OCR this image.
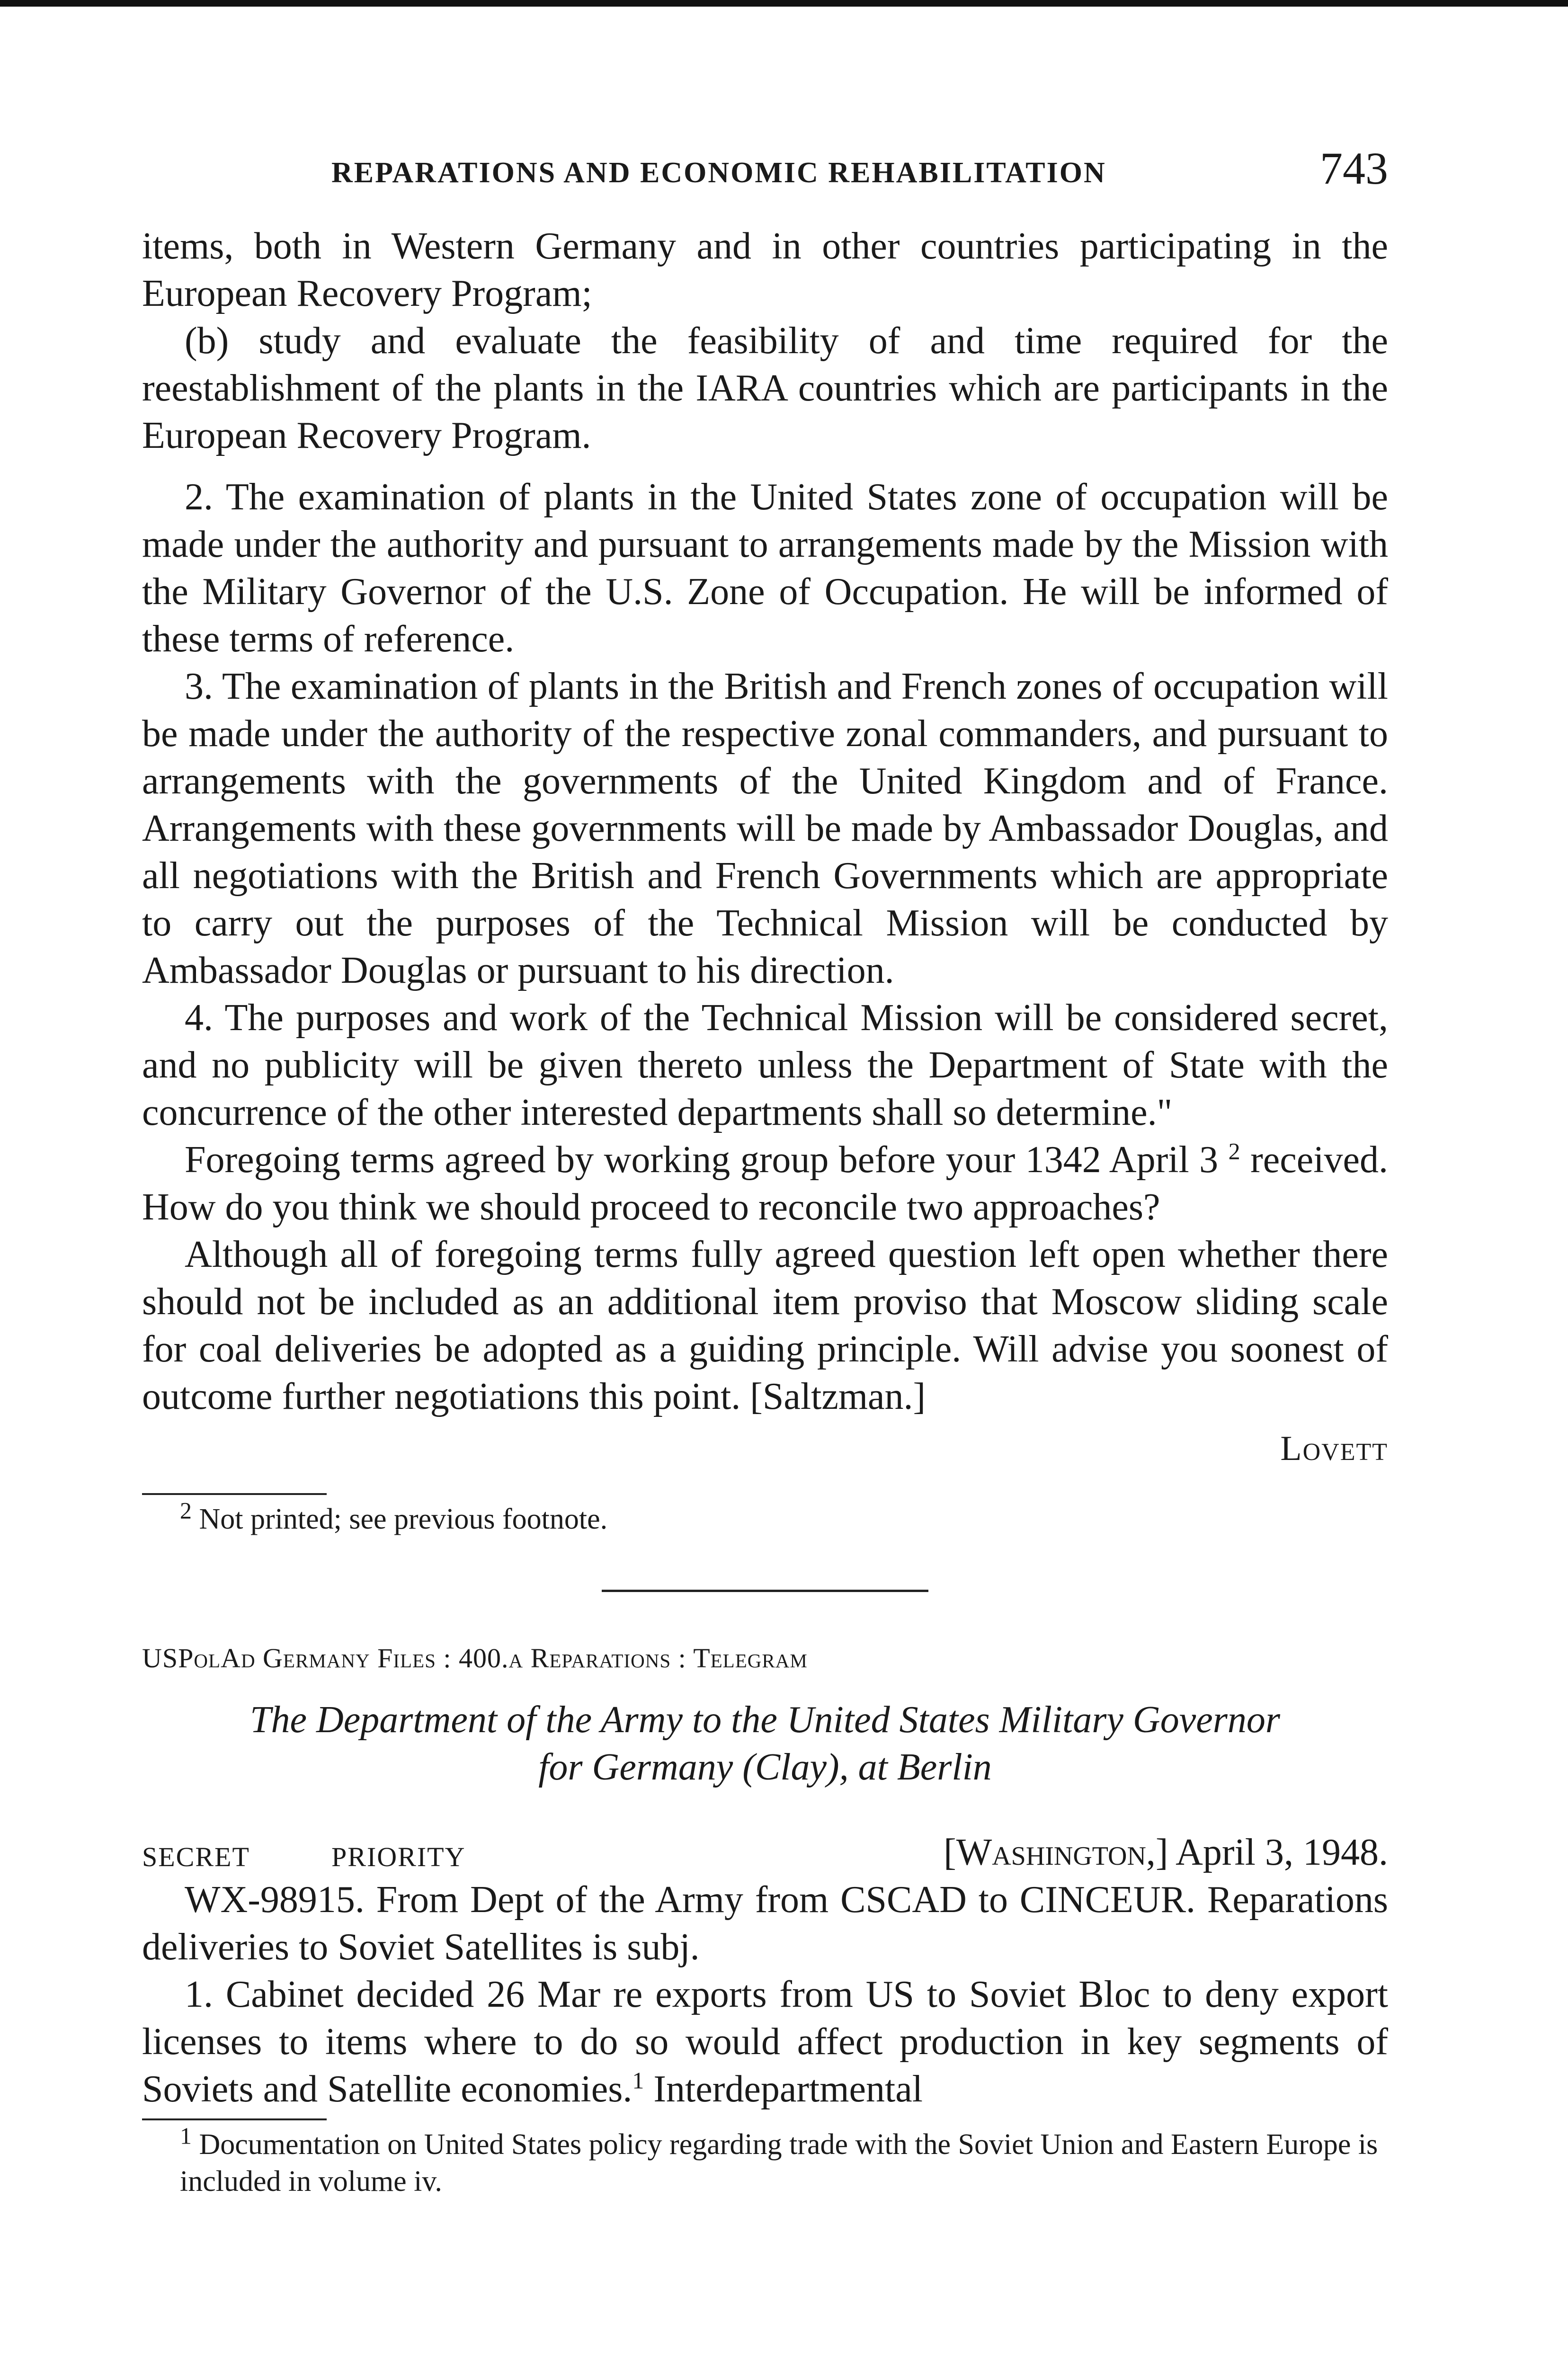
REPARATIONS AND ECONOMIC REHABILITATION	743

items, both in Western Germany and in other countries participating in the European Recovery Program;

(b) study and evaluate the feasibility of and time required for the reestablishment of the plants in the IARA countries which are participants in the European Recovery Program.

2. The examination of plants in the United States zone of occupation will be made under the authority and pursuant to arrangements made by the Mission with the Military Governor of the U.S. Zone of Occupation. He will be informed of these terms of reference.

3. The examination of plants in the British and French zones of occupation will be made under the authority of the respective zonal commanders, and pursuant to arrangements with the governments of the United Kingdom and of France. Arrangements with these governments will be made by Ambassador Douglas, and all negotiations with the British and French Governments which are appropriate to carry out the purposes of the Technical Mission will be conducted by Ambassador Douglas or pursuant to his direction.

4. The purposes and work of the Technical Mission will be considered secret, and no publicity will be given thereto unless the Department of State with the concurrence of the other interested departments shall so determine."

Foregoing terms agreed by working group before your 1342 April 3 $^2$ received. How do you think we should proceed to reconcile two approaches?

Although all of foregoing terms fully agreed question left open whether there should not be included as an additional item proviso that Moscow sliding scale for coal deliveries be adopted as a guiding principle. Will advise you soonest of outcome further negotiations this point. [Saltzman.]

Lovett

$^2$ Not printed; see previous footnote.
USPolAd Germany Files : 400.a Reparations : Telegram
The Department of the Army to the United States Military Governor
for Germany (Clay), at Berlin
SECRET	PRIORITY	[Washington,] April 3, 1948.

WX-98915. From Dept of the Army from CSCAD to CINCEUR. Reparations deliveries to Soviet Satellites is subj.

1. Cabinet decided 26 Mar re exports from US to Soviet Bloc to deny export licenses to items where to do so would affect production in key segments of Soviets and Satellite economies.$^1$ Interdepartmental

$^1$ Documentation on United States policy regarding trade with the Soviet Union and Eastern Europe is included in volume iv.
